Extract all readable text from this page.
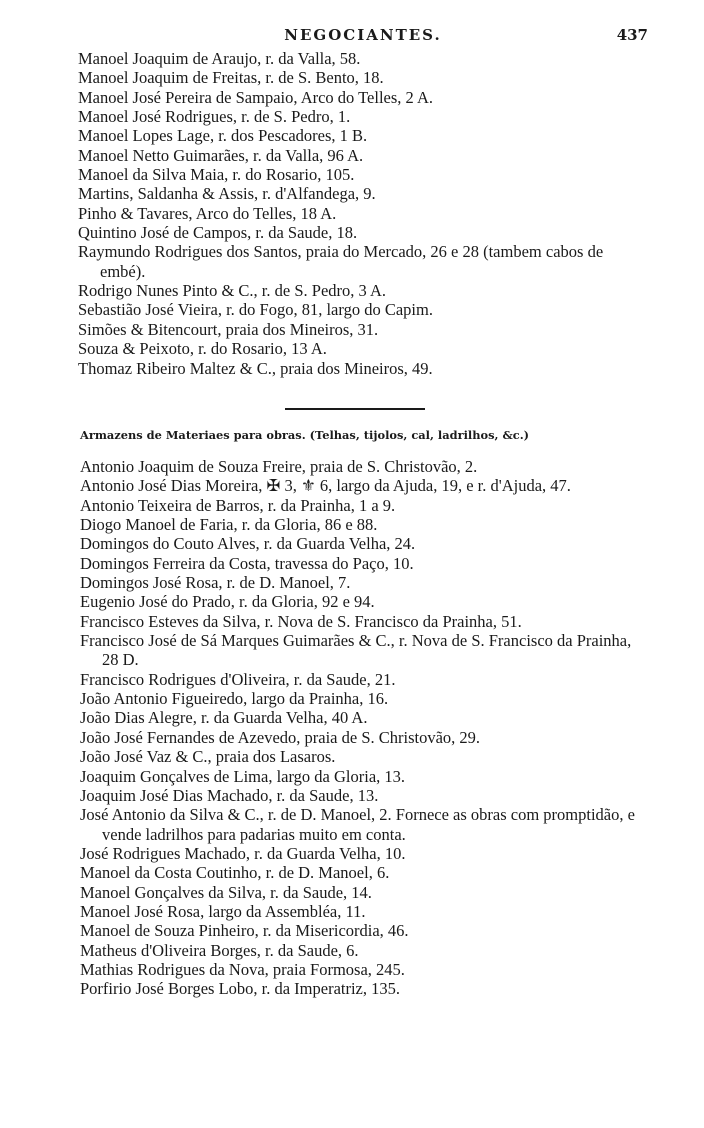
NEGOCIANTES.	437
Manoel Joaquim de Araujo, r. da Valla, 58.
Manoel Joaquim de Freitas, r. de S. Bento, 18.
Manoel José Pereira de Sampaio, Arco do Telles, 2 A.
Manoel José Rodrigues, r. de S. Pedro, 1.
Manoel Lopes Lage, r. dos Pescadores, 1 B.
Manoel Netto Guimarães, r. da Valla, 96 A.
Manoel da Silva Maia, r. do Rosario, 105.
Martins, Saldanha & Assis, r. d'Alfandega, 9.
Pinho & Tavares, Arco do Telles, 18 A.
Quintino José de Campos, r. da Saude, 18.
Raymundo Rodrigues dos Santos, praia do Mercado, 26 e 28 (tambem cabos de embé).
Rodrigo Nunes Pinto & C., r. de S. Pedro, 3 A.
Sebastião José Vieira, r. do Fogo, 81, largo do Capim.
Simões & Bitencourt, praia dos Mineiros, 31.
Souza & Peixoto, r. do Rosario, 13 A.
Thomaz Ribeiro Maltez & C., praia dos Mineiros, 49.
Armazens de Materiaes para obras. (Telhas, tijolos, cal, ladrilhos, &c.)
Antonio Joaquim de Souza Freire, praia de S. Christovão, 2.
Antonio José Dias Moreira, ✠ 3, ⚜ 6, largo da Ajuda, 19, e r. d'Ajuda, 47.
Antonio Teixeira de Barros, r. da Prainha, 1 a 9.
Diogo Manoel de Faria, r. da Gloria, 86 e 88.
Domingos do Couto Alves, r. da Guarda Velha, 24.
Domingos Ferreira da Costa, travessa do Paço, 10.
Domingos José Rosa, r. de D. Manoel, 7.
Eugenio José do Prado, r. da Gloria, 92 e 94.
Francisco Esteves da Silva, r. Nova de S. Francisco da Prainha, 51.
Francisco José de Sá Marques Guimarães & C., r. Nova de S. Francisco da Prainha, 28 D.
Francisco Rodrigues d'Oliveira, r. da Saude, 21.
João Antonio Figueiredo, largo da Prainha, 16.
João Dias Alegre, r. da Guarda Velha, 40 A.
João José Fernandes de Azevedo, praia de S. Christovão, 29.
João José Vaz & C., praia dos Lasaros.
Joaquim Gonçalves de Lima, largo da Gloria, 13.
Joaquim José Dias Machado, r. da Saude, 13.
José Antonio da Silva & C., r. de D. Manoel, 2. Fornece as obras com promptidão, e vende ladrilhos para padarias muito em conta.
José Rodrigues Machado, r. da Guarda Velha, 10.
Manoel da Costa Coutinho, r. de D. Manoel, 6.
Manoel Gonçalves da Silva, r. da Saude, 14.
Manoel José Rosa, largo da Assembléa, 11.
Manoel de Souza Pinheiro, r. da Misericordia, 46.
Matheus d'Oliveira Borges, r. da Saude, 6.
Mathias Rodrigues da Nova, praia Formosa, 245.
Porfirio José Borges Lobo, r. da Imperatriz, 135.
